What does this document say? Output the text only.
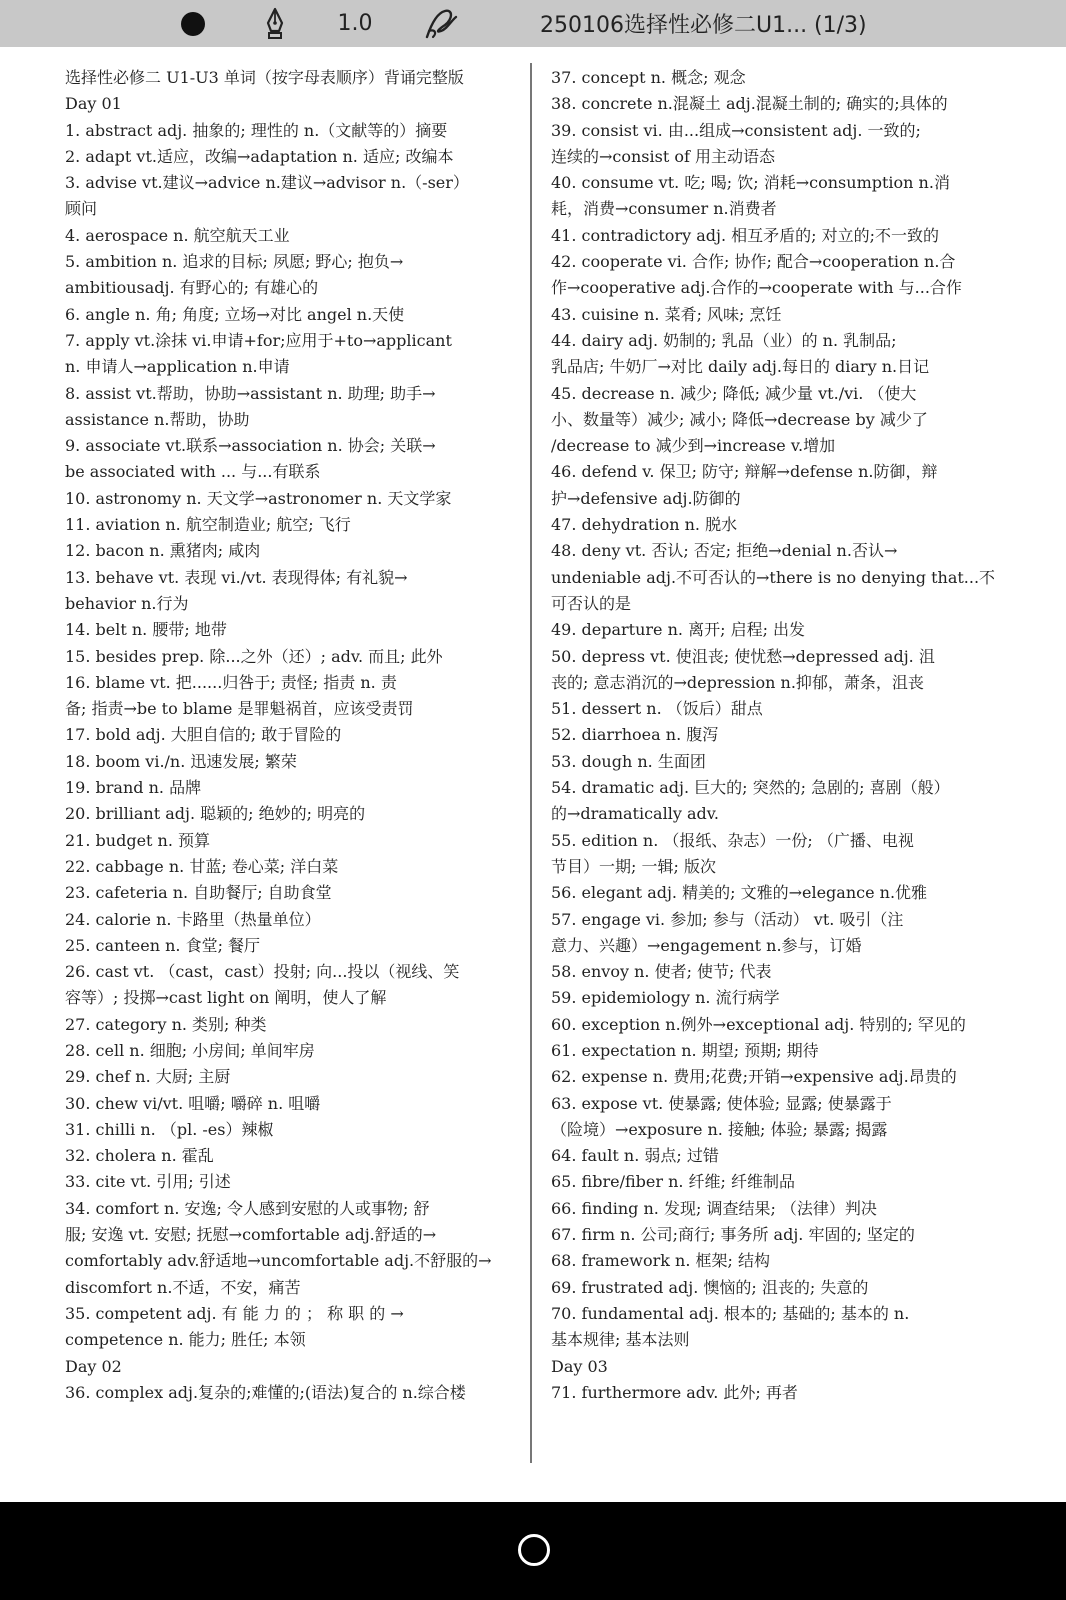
1.0	250106选择性必修二U1... (1/3)
选择性必修二 U1-U3 单词（按字母表顺序）背诵完整版
Day 01
1. abstract adj. 抽象的; 理性的 n.（文献等的）摘要
2. adapt vt.适应，改编→adaptation n. 适应; 改编本
3. advise vt.建议→advice n.建议→advisor n.（-ser）
顾问
4. aerospace n. 航空航天工业
5. ambition n. 追求的目标; 夙愿; 野心; 抱负→
ambitiousadj. 有野心的; 有雄心的
6. angle n. 角; 角度; 立场→对比 angel n.天使
7. apply vt.涂抹 vi.申请+for;应用于+to→applicant
n. 申请人→application n.申请
8. assist vt.帮助，协助→assistant n. 助理; 助手→
assistance n.帮助，协助
9. associate vt.联系→association n. 协会; 关联→
be associated with ... 与...有联系
10. astronomy n. 天文学→astronomer n. 天文学家
11. aviation n. 航空制造业; 航空; 飞行
12. bacon n. 熏猪肉; 咸肉
13. behave vt. 表现 vi./vt. 表现得体; 有礼貌→
behavior n.行为
14. belt n. 腰带; 地带
15. besides prep. 除...之外（还）; adv. 而且; 此外
16. blame vt. 把......归咎于; 责怪; 指责 n. 责
备; 指责→be to blame 是罪魁祸首，应该受责罚
17. bold adj. 大胆自信的; 敢于冒险的
18. boom vi./n. 迅速发展; 繁荣
19. brand n. 品牌
20. brilliant adj. 聪颖的; 绝妙的; 明亮的
21. budget n. 预算
22. cabbage n. 甘蓝; 卷心菜; 洋白菜
23. cafeteria n. 自助餐厅; 自助食堂
24. calorie n. 卡路里（热量单位）
25. canteen n. 食堂; 餐厅
26. cast vt. （cast，cast）投射; 向...投以（视线、笑
容等）; 投掷→cast light on 阐明，使人了解
27. category n. 类别; 种类
28. cell n. 细胞; 小房间; 单间牢房
29. chef n. 大厨; 主厨
30. chew vi/vt. 咀嚼; 嚼碎 n. 咀嚼
31. chilli n. （pl. -es）辣椒
32. cholera n. 霍乱
33. cite vt. 引用; 引述
34. comfort n. 安逸; 令人感到安慰的人或事物; 舒
服; 安逸 vt. 安慰; 抚慰→comfortable adj.舒适的→
comfortably adv.舒适地→uncomfortable adj.不舒服的→
discomfort n.不适，不安，痛苦
35. competent adj. 有 能 力 的 ； 称 职 的 →
competence n. 能力; 胜任; 本领
Day 02
36. complex adj.复杂的;难懂的;(语法)复合的 n.综合楼
37. concept n. 概念; 观念
38. concrete n.混凝土 adj.混凝土制的; 确实的;具体的
39. consist vi. 由...组成→consistent adj. 一致的;
连续的→consist of 用主动语态
40. consume vt. 吃; 喝; 饮; 消耗→consumption n.消
耗，消费→consumer n.消费者
41. contradictory adj. 相互矛盾的; 对立的;不一致的
42. cooperate vi. 合作; 协作; 配合→cooperation n.合
作→cooperative adj.合作的→cooperate with 与...合作
43. cuisine n. 菜肴; 风味; 烹饪
44. dairy adj. 奶制的; 乳品（业）的 n. 乳制品;
乳品店; 牛奶厂→对比 daily adj.每日的 diary n.日记
45. decrease n. 减少; 降低; 减少量 vt./vi. （使大
小、数量等）减少; 减小; 降低→decrease by 减少了
/decrease to 减少到→increase v.增加
46. defend v. 保卫; 防守; 辩解→defense n.防御，辩
护→defensive adj.防御的
47. dehydration n. 脱水
48. deny vt. 否认; 否定; 拒绝→denial n.否认→
undeniable adj.不可否认的→there is no denying that...不
可否认的是
49. departure n. 离开; 启程; 出发
50. depress vt. 使沮丧; 使忧愁→depressed adj. 沮
丧的; 意志消沉的→depression n.抑郁，萧条，沮丧
51. dessert n. （饭后）甜点
52. diarrhoea n. 腹泻
53. dough n. 生面团
54. dramatic adj. 巨大的; 突然的; 急剧的; 喜剧（般）
的→dramatically adv.
55. edition n. （报纸、杂志）一份; （广播、电视
节目）一期; 一辑; 版次
56. elegant adj. 精美的; 文雅的→elegance n.优雅
57. engage vi. 参加; 参与（活动） vt. 吸引（注
意力、兴趣）→engagement n.参与，订婚
58. envoy n. 使者; 使节; 代表
59. epidemiology n. 流行病学
60. exception n.例外→exceptional adj. 特别的; 罕见的
61. expectation n. 期望; 预期; 期待
62. expense n. 费用;花费;开销→expensive adj.昂贵的
63. expose vt. 使暴露; 使体验; 显露; 使暴露于
（险境）→exposure n. 接触; 体验; 暴露; 揭露
64. fault n. 弱点; 过错
65. fibre/fiber n. 纤维; 纤维制品
66. finding n. 发现; 调查结果; （法律）判决
67. firm n. 公司;商行; 事务所 adj. 牢固的; 坚定的
68. framework n. 框架; 结构
69. frustrated adj. 懊恼的; 沮丧的; 失意的
70. fundamental adj. 根本的; 基础的; 基本的 n.
基本规律; 基本法则
Day 03
71. furthermore adv. 此外; 再者
